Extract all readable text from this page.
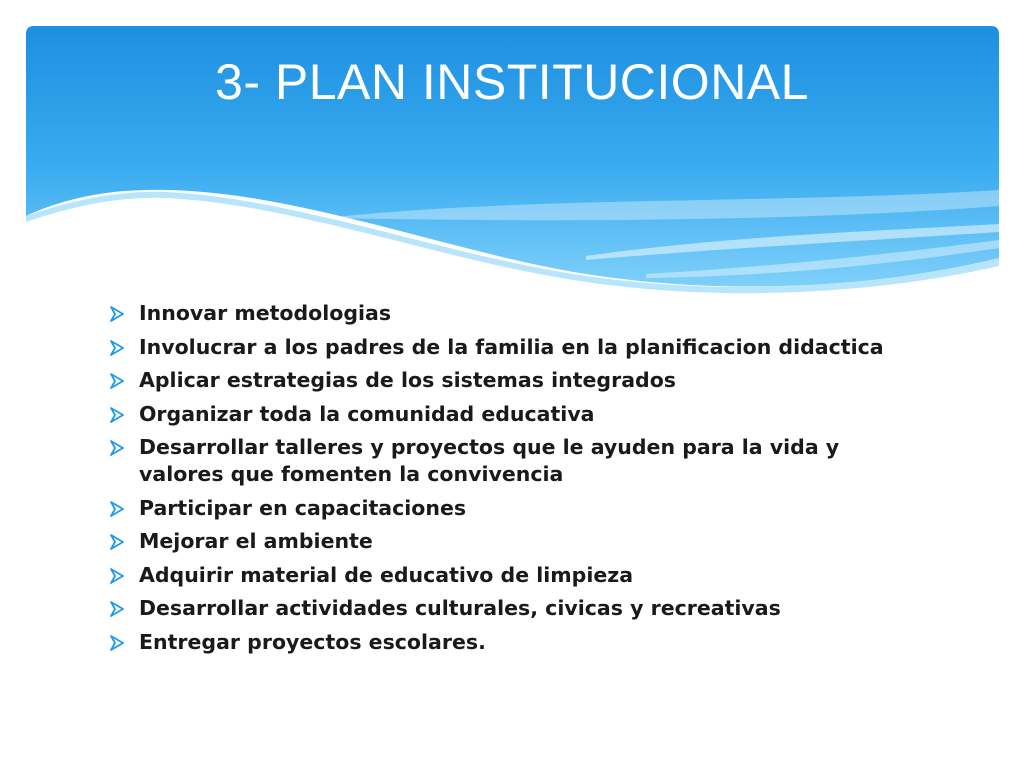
3- PLAN INSTITUCIONAL
Innovar metodologias
Involucrar a los padres de la familia en la planificacion didactica
Aplicar estrategias de los sistemas integrados
Organizar toda la comunidad educativa
Desarrollar talleres y proyectos que le ayuden para la vida y valores que fomenten la convivencia
Participar en capacitaciones
Mejorar el ambiente
Adquirir material de educativo de limpieza
Desarrollar actividades culturales, civicas y recreativas
Entregar proyectos escolares.
